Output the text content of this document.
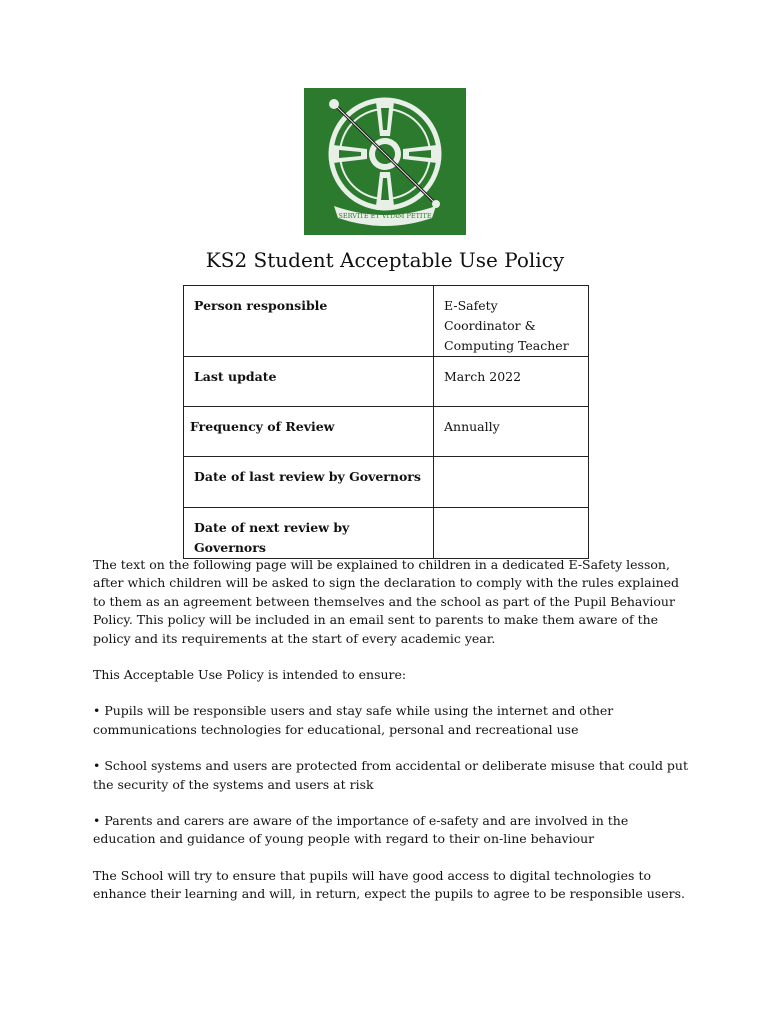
SERVITE ET VITAM PETITE
KS2 Student Acceptable Use Policy
Person responsible	E-Safety Coordinator & Computing Teacher
Last update	March 2022
Frequency of Review	Annually
Date of last review by Governors	
Date of next review by Governors	

The text on the following page will be explained to children in a dedicated E-Safety lesson, after which children will be asked to sign the declaration to comply with the rules explained to them as an agreement between themselves and the school as part of the Pupil Behaviour Policy. This policy will be included in an email sent to parents to make them aware of the policy and its requirements at the start of every academic year.

This Acceptable Use Policy is intended to ensure:

• Pupils will be responsible users and stay safe while using the internet and other communications technologies for educational, personal and recreational use

• School systems and users are protected from accidental or deliberate misuse that could put the security of the systems and users at risk

• Parents and carers are aware of the importance of e-safety and are involved in the education and guidance of young people with regard to their on-line behaviour

The School will try to ensure that pupils will have good access to digital technologies to enhance their learning and will, in return, expect the pupils to agree to be responsible users.
